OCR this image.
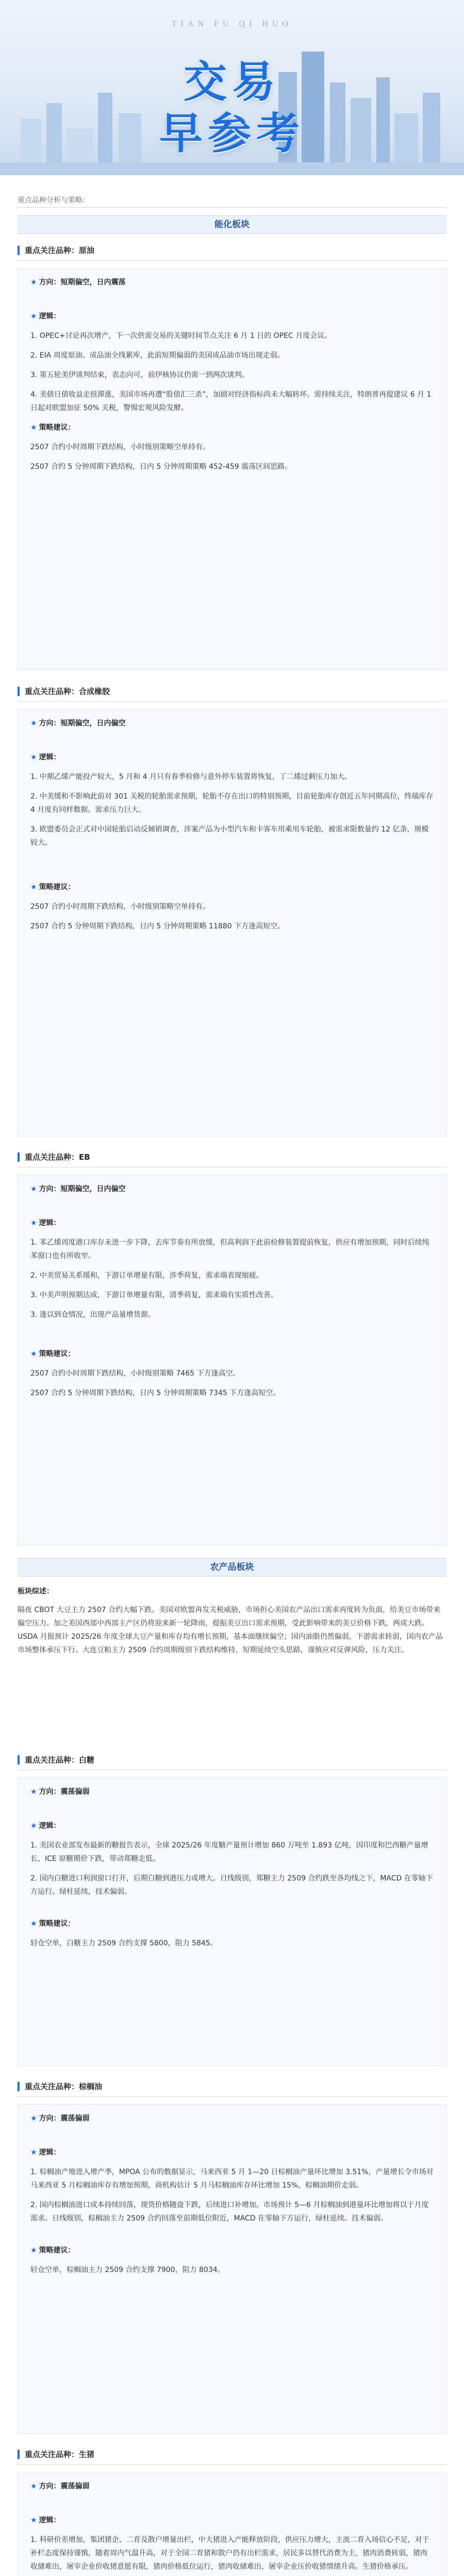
TIAN FU QI HUO
交易
早参考
重点品种分析与策略：
能化板块
重点关注品种：原油
★ 方向：短期偏空，日内震荡
★ 逻辑：
1. OPEC+讨论再次增产，下一次供需交易的关键时间节点关注 6 月 1 日的 OPEC 月度会议。
2. EIA 周度原油、成品油全线累库，此前短期偏弱的美国成品油市场出现走弱。
3. 第五轮美伊谈判结束，表态向可，前伊核协议仍需一到两次谈判。
4. 美债日债收益走扭滞涨，美国市场再遭“股债汇三杀”，加剧对经济指标尚未大幅转坏。需持续关注，特朗普再提建议 6 月 1 日起对欧盟加征 50% 关税，警惕宏观风险发酵。
★ 策略建议：
2507 合约小时周期下跌结构，小时级别策略空单持有。
2507 合约 5 分钟周期下跌结构，日内 5 分钟周期策略 452-459 震荡区间思路。
重点关注品种：合成橡胶
★ 方向：短期偏空，日内偏空
★ 逻辑：
1. 中期乙烯产能投产较大，5 月和 4 月只有春季检修与意外停车装置将恢复，丁二烯过剩压力加大。
2. 中美缓和不影响此前对 301 关税的轮胎需求预期，轮胎不存在出口的特别预期，目前轮胎库存创近五年同期高位，终端库存 4 月度有同样数据。需求压力巨大。
3. 欧盟委员会正式对中国轮胎启动反倾销调查，涉案产品为小型汽车和卡客车用乘用车轮胎，被需求限数量约 12 亿条，规模较大。
★ 策略建议：
2507 合约小时周期下跌结构，小时级别策略空单持有。
2507 合约 5 分钟周期下跌结构，日内 5 分钟周期策略 11880 下方逢高短空。
重点关注品种：EB
★ 方向：短期偏空，日内偏空
★ 逻辑：
1. 苯乙烯周度港口库存未进一步下降，去库节奏有所放缓，但高利润下此前检修装置提前恢复，供应有增加预期，同时后续纯苯窗口也有所收窄。
2. 中美贸易关系缓和，下游订单增量有限，涉季荷复，需求端表现缩疲。
3. 中美声明预期达成，下游订单增量有限，清季荷复，需求端有实质性改善。
3. 逢以到仓情况，出现产品量增货源。
★ 策略建议：
2507 合约小时周期下跌结构，小时级别策略 7465 下方逢高空。
2507 合约 5 分钟周期下跌结构，日内 5 分钟周期策略 7345 下方逢高短空。
农产品板块
板块综述：
隔夜 CBOT 大豆主力 2507 合约大幅下跌。美国对欧盟再发关税威胁，市场担心美国农产品出口需求再度转为负面，给美豆市场带来偏空压力。加之美国西部中西部主产区仍将迎来新一轮降雨，提振美豆出口需求预期，受此影响带来的美豆价格下跌，两成大跌。USDA 月报预计 2025/26 年度全球大豆产量和库存均有增长预期，基本面继续偏空；国内油脂仍然偏弱，下游需求转弱，国内农产品市场整体承压下行。大连豆粕主力 2509 合约周期级别下跌结构维持，短期延续空头思路，谨慎应对反弹风险，压力关注。
重点关注品种：白糖
★ 方向：震荡偏弱
★ 逻辑：
1. 美国农业部发布最新的糖报告表示，全球 2025/26 年度糖产量预计增加 860 万吨至 1.893 亿吨，因印度和巴西糖产量增长，ICE 原糖期价下跌，带动郑糖走低。
2. 国内白糖进口利润窗口打开，后期白糖到港压力或增大。日线级别，郑糖主力 2509 合约跌至各均线之下，MACD 在零轴下方运行。绿柱延续，技术偏弱。
★ 策略建议：
轻仓空单，白糖主力 2509 合约支撑 5800，阻力 5845。
重点关注品种：棕榈油
★ 方向：震荡偏弱
★ 逻辑：
1. 棕榈油产地进入增产季，MPOA 公布的数据显示，马来西亚 5 月 1—20 日棕榈油产量环比增加 3.51%，产量增长令市场对马来西亚 5 月棕榈油库存有增加预期，商机构估计 5 月马棕榈油库存环比增加 15%，棕榈油期价走弱。
2. 国内棕榈油进口成本持续回落，现货价格随盘下跌，后续进口补增加。市场预计 5—6 月棕榈油到港量环比增加将以于月度需求。日线级别，棕榈油主力 2509 合约回落至前期低位附近，MACD 在零轴下方运行，绿柱延续。技术偏弱。
★ 策略建议：
轻仓空单，棕榈油主力 2509 合约支撑 7900，阻力 8034。
重点关注品种：生猪
★ 方向：震荡偏弱
★ 逻辑：
1. 科研价差增加，集团猪企、二育及散户增量出栏，中大猪进入产能释放阶段，供应压力增大，主流二育入场信心不足，对于补栏态度保持谨慎，随着周内气温升高，对于全国二育猪和散户仍有出栏需求，居民多以替代消费为主，猪肉消费转弱，猪肉收储难出，屠宰企业价收猪意愿有限，猪肉价格低位运行，猪肉收储难出，屠宰企业压价收猪情绪升高。生猪价格承压。
